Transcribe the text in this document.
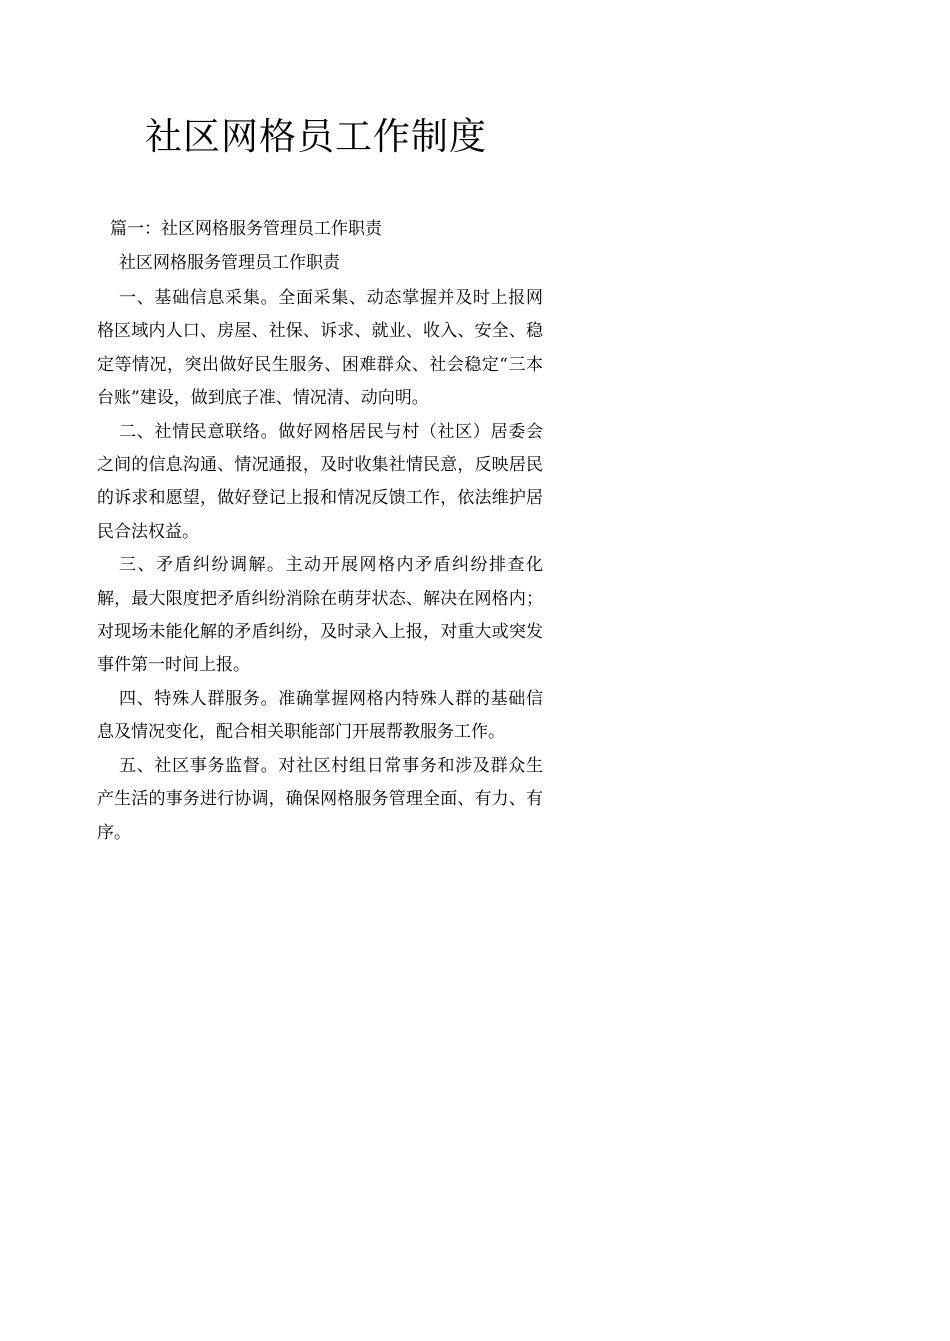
社区网格员工作制度
篇一：社区网格服务管理员工作职责
社区网格服务管理员工作职责

一、基础信息采集。全面采集、动态掌握并及时上报网格区域内人口、房屋、社保、诉求、就业、收入、安全、稳定等情况，突出做好民生服务、困难群众、社会稳定“三本台账”建设，做到底子准、情况清、动向明。

二、社情民意联络。做好网格居民与村（社区）居委会之间的信息沟通、情况通报，及时收集社情民意，反映居民的诉求和愿望，做好登记上报和情况反馈工作，依法维护居民合法权益。

三、矛盾纠纷调解。主动开展网格内矛盾纠纷排查化解，最大限度把矛盾纠纷消除在萌芽状态、解决在网格内；对现场未能化解的矛盾纠纷，及时录入上报，对重大或突发事件第一时间上报。

四、特殊人群服务。准确掌握网格内特殊人群的基础信息及情况变化，配合相关职能部门开展帮教服务工作。

五、社区事务监督。对社区村组日常事务和涉及群众生产生活的事务进行协调，确保网格服务管理全面、有力、有序。
